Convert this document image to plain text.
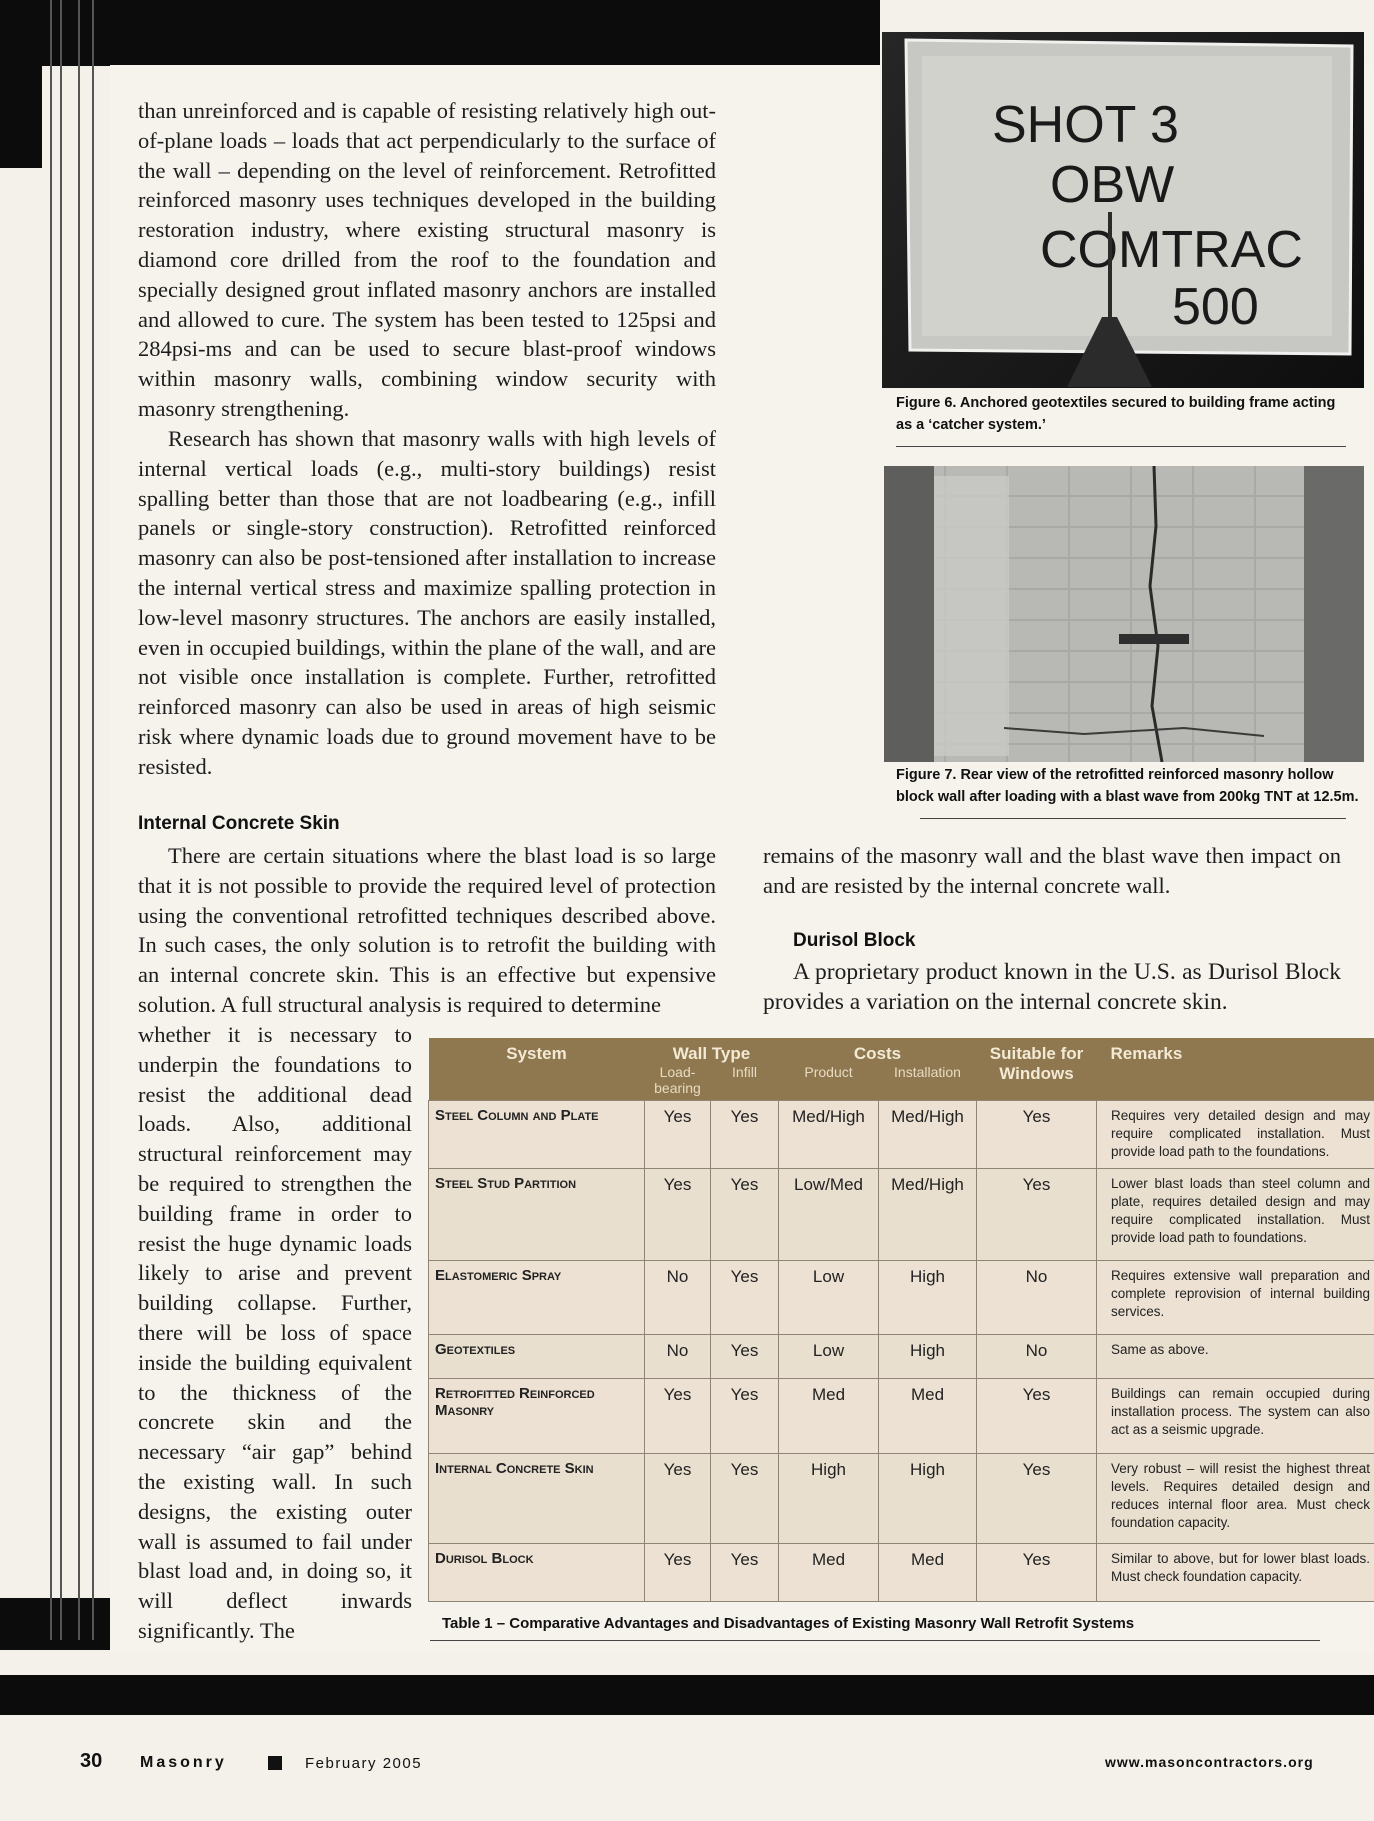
than unreinforced and is capable of resisting relatively high out-of-plane loads – loads that act perpendicularly to the surface of the wall – depending on the level of reinforcement. Retrofitted reinforced masonry uses techniques developed in the building restoration industry, where existing structural masonry is diamond core drilled from the roof to the foundation and specially designed grout inflated masonry anchors are installed and allowed to cure. The system has been tested to 125psi and 284psi-ms and can be used to secure blast-proof windows within masonry walls, combining window security with masonry strengthening.

Research has shown that masonry walls with high levels of internal vertical loads (e.g., multi-story buildings) resist spalling better than those that are not loadbearing (e.g., infill panels or single-story construction). Retrofitted reinforced masonry can also be post-tensioned after installation to increase the internal vertical stress and maximize spalling protection in low-level masonry structures. The anchors are easily installed, even in occupied buildings, within the plane of the wall, and are not visible once installation is complete. Further, retrofitted reinforced masonry can also be used in areas of high seismic risk where dynamic loads due to ground movement have to be resisted.

Internal Concrete Skin

There are certain situations where the blast load is so large that it is not possible to provide the required level of protection using the conventional retrofitted techniques described above. In such cases, the only solution is to retrofit the building with an internal concrete skin. This is an effective but expensive solution. A full structural analysis is required to determine

whether it is necessary to underpin the foundations to resist the additional dead loads. Also, additional structural reinforcement may be required to strengthen the building frame in order to resist the huge dynamic loads likely to arise and prevent building collapse. Further, there will be loss of space inside the building equivalent to the thickness of the concrete skin and the necessary “air gap” behind the existing wall. In such designs, the existing outer wall is assumed to fail under blast load and, in doing so, it will deflect inwards significantly. The

remains of the masonry wall and the blast wave then impact on and are resisted by the internal concrete wall.

Durisol Block

A proprietary product known in the U.S. as Durisol Block provides a variation on the internal concrete skin.

SHOT 3
OBW
COMTRAC
500
Figure 6. Anchored geotextiles secured to building frame acting as a ‘catcher system.’
Figure 7. Rear view of the retrofitted reinforced masonry hollow block wall after loading with a blast wave from 200kg TNT at 12.5m.
System	Wall Type		Costs		Suitable for Windows	Remarks
	Load-bearing	Infill	Product	Installation		
Steel Column and Plate	Yes	Yes	Med/High	Med/High	Yes	Requires very detailed design and may require complicated installation. Must provide load path to the foundations.
Steel Stud Partition	Yes	Yes	Low/Med	Med/High	Yes	Lower blast loads than steel column and plate, requires detailed design and may require complicated installation. Must provide load path to foundations.
Elastomeric Spray	No	Yes	Low	High	No	Requires extensive wall preparation and complete reprovision of internal building services.
Geotextiles	No	Yes	Low	High	No	Same as above.
Retrofitted Reinforced Masonry	Yes	Yes	Med	Med	Yes	Buildings can remain occupied during installation process. The system can also act as a seismic upgrade.
Internal Concrete Skin	Yes	Yes	High	High	Yes	Very robust – will resist the highest threat levels. Requires detailed design and reduces internal floor area. Must check foundation capacity.
Durisol Block	Yes	Yes	Med	Med	Yes	Similar to above, but for lower blast loads. Must check foundation capacity.
Table 1 – Comparative Advantages and Disadvantages of Existing Masonry Wall Retrofit Systems
30 Masonry	February 2005	www.masoncontractors.org
